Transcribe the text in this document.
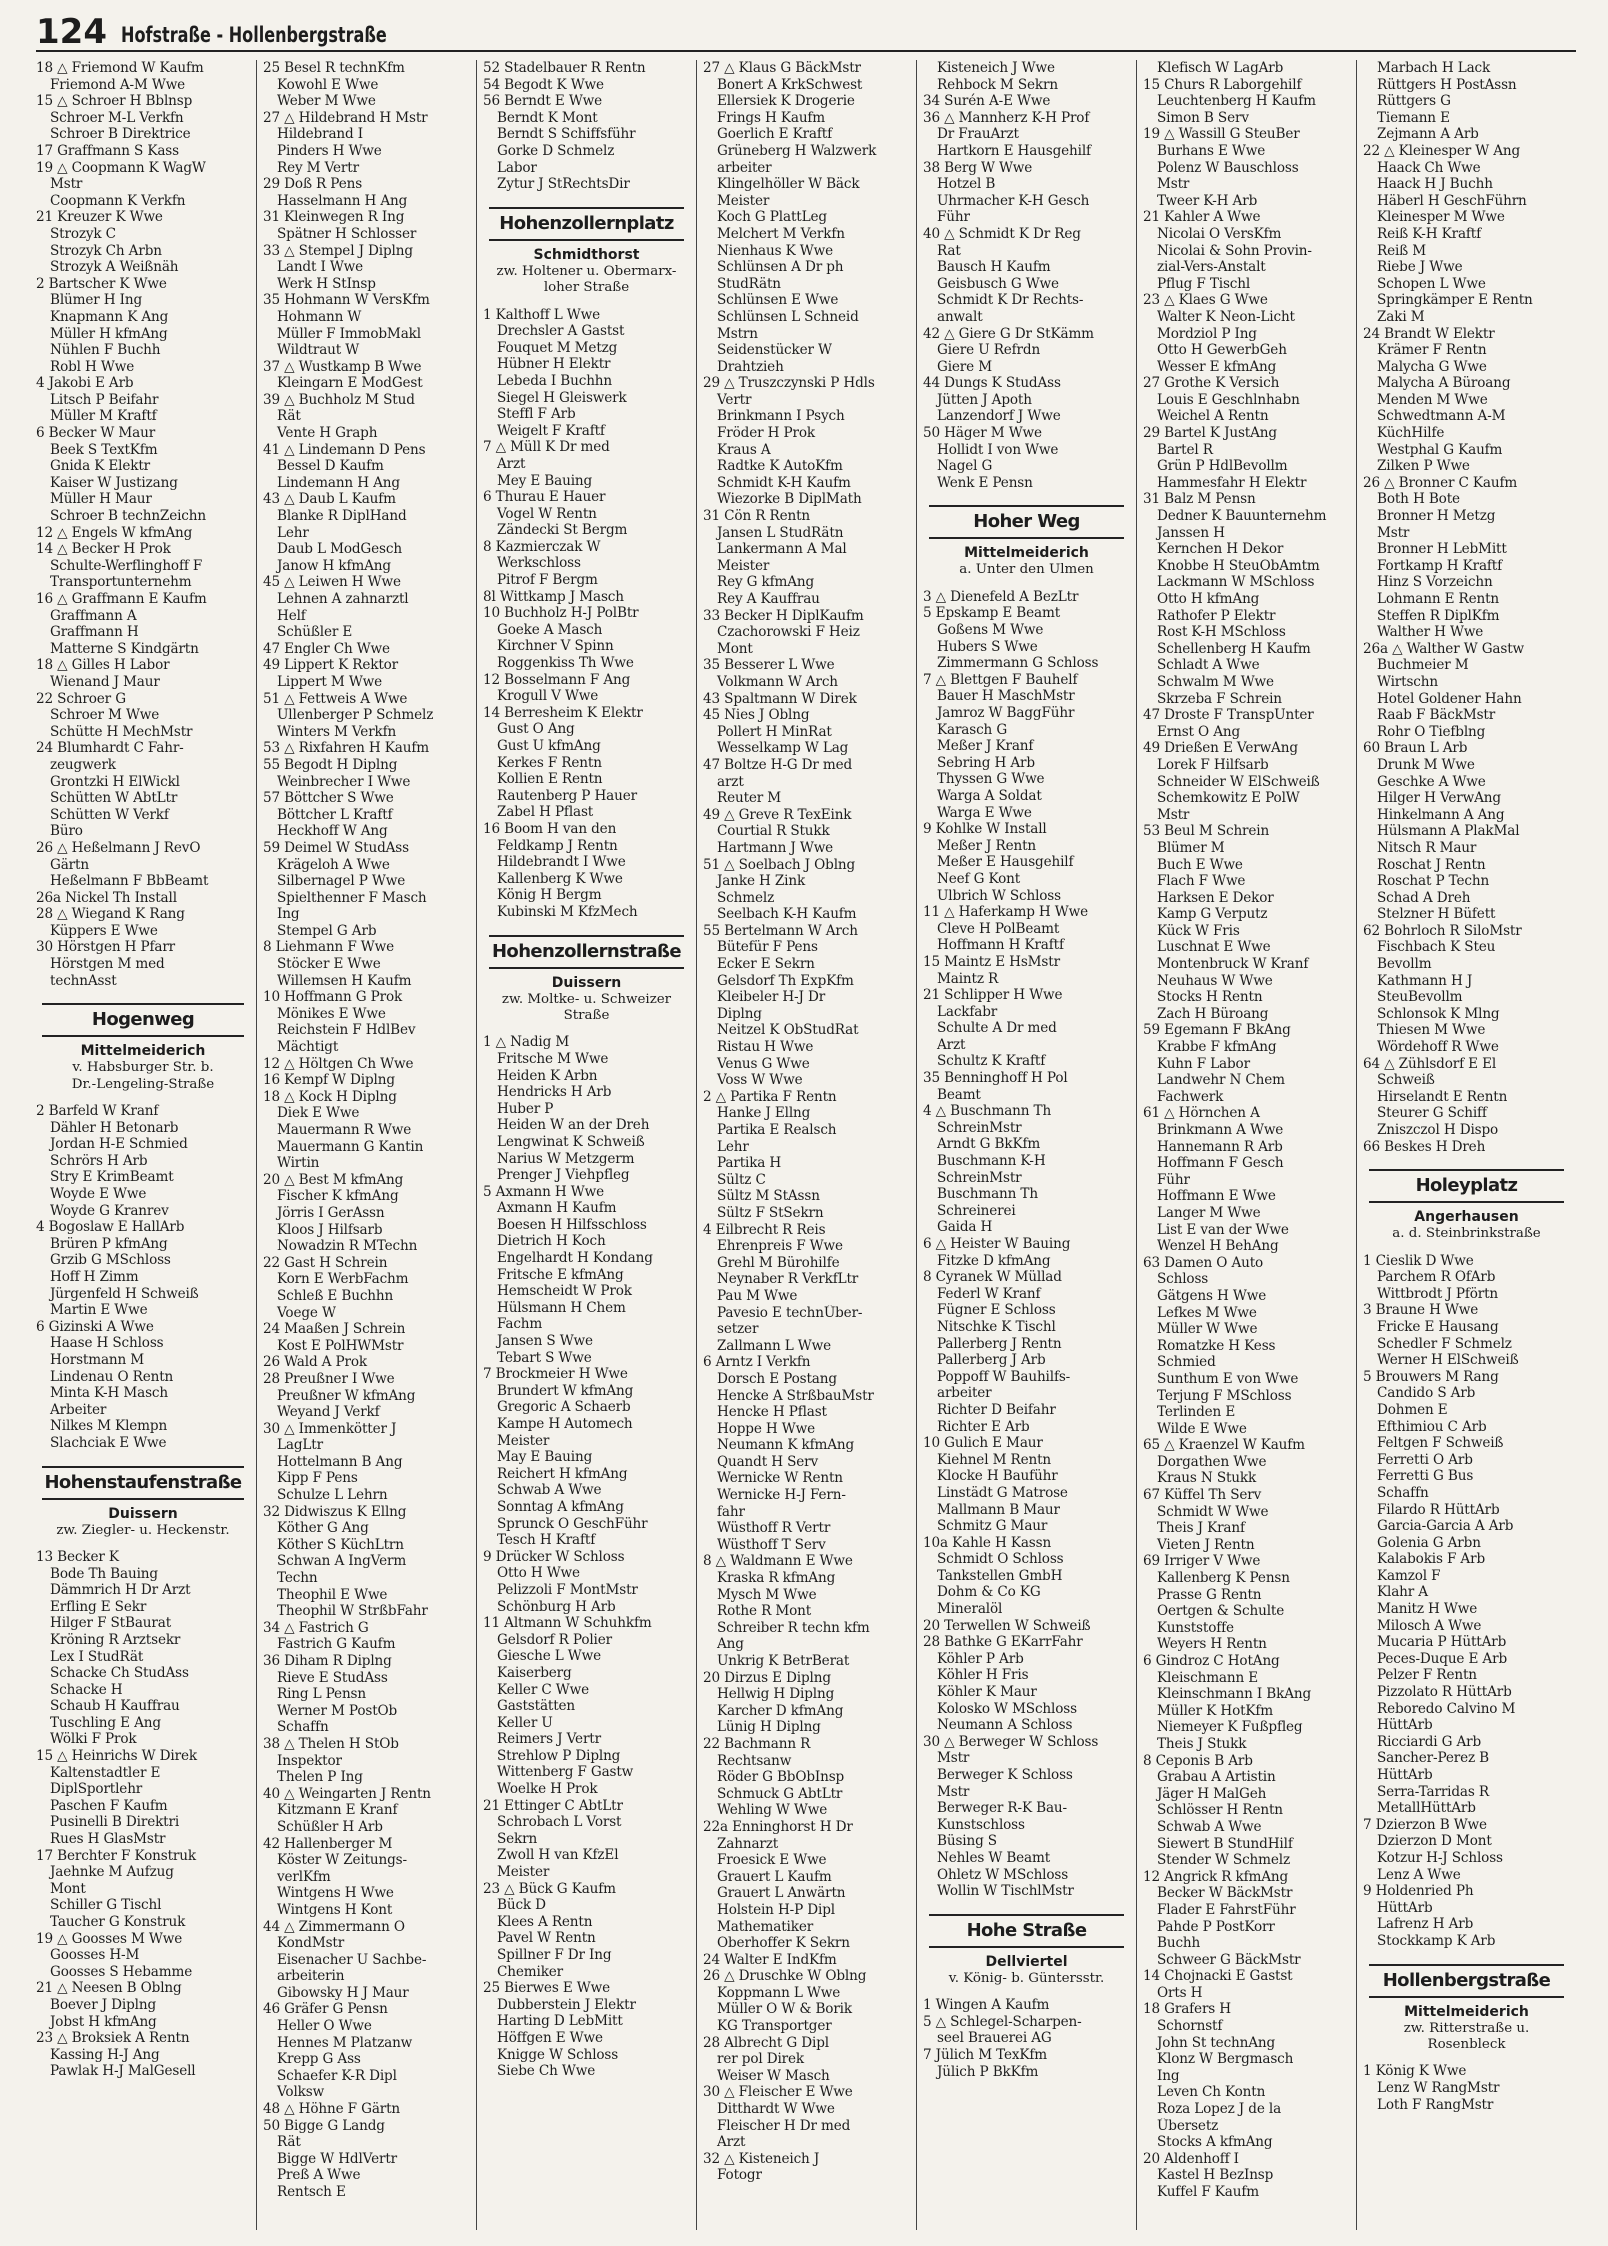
124 Hofstraße - Hollenbergstraße
18 △ Friemond W Kaufm
Friemond A-M Wwe
15 △ Schroer H Bblnsp
Schroer M-L Verkfn
Schroer B Direktrice
17 Graffmann S Kass
19 △ Coopmann K WagW
Mstr
Coopmann K Verkfn
21 Kreuzer K Wwe
Strozyk C
Strozyk Ch Arbn
Strozyk A Weißnäh
2 Bartscher K Wwe
Blümer H Ing
Knapmann K Ang
Müller H kfmAng
Nühlen F Buchh
Robl H Wwe
4 Jakobi E Arb
Litsch P Beifahr
Müller M Kraftf
6 Becker W Maur
Beek S TextKfm
Gnida K Elektr
Kaiser W Justizang
Müller H Maur
Schroer B technZeichn
12 △ Engels W kfmAng
14 △ Becker H Prok
Schulte-Werflinghoff F
Transportunternehm
16 △ Graffmann E Kaufm
Graffmann A
Graffmann H
Matterne S Kindgärtn
18 △ Gilles H Labor
Wienand J Maur
22 Schroer G
Schroer M Wwe
Schütte H MechMstr
24 Blumhardt C Fahr-
zeugwerk
Grontzki H ElWickl
Schütten W AbtLtr
Schütten W Verkf
Büro
26 △ Heßelmann J RevO
Gärtn
Heßelmann F BbBeamt
26a Nickel Th Install
28 △ Wiegand K Rang
Küppers E Wwe
30 Hörstgen H Pfarr
Hörstgen M med
technAsst
Hogenweg
Mittelmeiderich
v. Habsburger Str. b.
Dr.-Lengeling-Straße
2 Barfeld W Kranf
Dähler H Betonarb
Jordan H-E Schmied
Schrörs H Arb
Stry E KrimBeamt
Woyde E Wwe
Woyde G Kranrev
4 Bogoslaw E HallArb
Brüren P kfmAng
Grzib G MSchloss
Hoff H Zimm
Jürgenfeld H Schweiß
Martin E Wwe
6 Gizinski A Wwe
Haase H Schloss
Horstmann M
Lindenau O Rentn
Minta K-H Masch
Arbeiter
Nilkes M Klempn
Slachciak E Wwe
Hohenstaufenstraße
Duissern
zw. Ziegler- u. Heckenstr.
13 Becker K
Bode Th Bauing
Dämmrich H Dr Arzt
Erfling E Sekr
Hilger F StBaurat
Kröning R Arztsekr
Lex I StudRät
Schacke Ch StudAss
Schacke H
Schaub H Kauffrau
Tuschling E Ang
Wölki F Prok
15 △ Heinrichs W Direk
Kaltenstadtler E
DiplSportlehr
Paschen F Kaufm
Pusinelli B Direktri
Rues H GlasMstr
17 Berchter F Konstruk
Jaehnke M Aufzug
Mont
Schiller G Tischl
Taucher G Konstruk
19 △ Goosses M Wwe
Goosses H-M
Goosses S Hebamme
21 △ Neesen B Oblng
Boever J Diplng
Jobst H kfmAng
23 △ Broksiek A Rentn
Kassing H-J Ang
Pawlak H-J MalGesell
25 Besel R technKfm
Kowohl E Wwe
Weber M Wwe
27 △ Hildebrand H Mstr
Hildebrand I
Pinders H Wwe
Rey M Vertr
29 Doß R Pens
Hasselmann H Ang
31 Kleinwegen R Ing
Spätner H Schlosser
33 △ Stempel J Diplng
Landt I Wwe
Werk H StInsp
35 Hohmann W VersKfm
Hohmann W
Müller F ImmobMakl
Wildtraut W
37 △ Wustkamp B Wwe
Kleingarn E ModGest
39 △ Buchholz M Stud
Rät
Vente H Graph
41 △ Lindemann D Pens
Bessel D Kaufm
Lindemann H Ang
43 △ Daub L Kaufm
Blanke R DiplHand
Lehr
Daub L ModGesch
Janow H kfmAng
45 △ Leiwen H Wwe
Lehnen A zahnarztl
Helf
Schüßler E
47 Engler Ch Wwe
49 Lippert K Rektor
Lippert M Wwe
51 △ Fettweis A Wwe
Ullenberger P Schmelz
Winters M Verkfn
53 △ Rixfahren H Kaufm
55 Begodt H Diplng
Weinbrecher I Wwe
57 Böttcher S Wwe
Böttcher L Kraftf
Heckhoff W Ang
59 Deimel W StudAss
Krägeloh A Wwe
Silbernagel P Wwe
Spielthenner F Masch
Ing
Stempel G Arb
8 Liehmann F Wwe
Stöcker E Wwe
Willemsen H Kaufm
10 Hoffmann G Prok
Mönikes E Wwe
Reichstein F HdlBev
Mächtigt
12 △ Höltgen Ch Wwe
16 Kempf W Diplng
18 △ Kock H Diplng
Diek E Wwe
Mauermann R Wwe
Mauermann G Kantin
Wirtin
20 △ Best M kfmAng
Fischer K kfmAng
Jörris I GerAssn
Kloos J Hilfsarb
Nowadzin R MTechn
22 Gast H Schrein
Korn E WerbFachm
Schleß E Buchhn
Voege W
24 Maaßen J Schrein
Kost E PolHWMstr
26 Wald A Prok
28 Preußner I Wwe
Preußner W kfmAng
Weyand J Verkf
30 △ Immenkötter J
LagLtr
Hottelmann B Ang
Kipp F Pens
Schulze L Lehrn
32 Didwiszus K Ellng
Köther G Ang
Köther S KüchLtrn
Schwan A IngVerm
Techn
Theophil E Wwe
Theophil W StrßbFahr
34 △ Fastrich G
Fastrich G Kaufm
36 Diham R Diplng
Rieve E StudAss
Ring L Pensn
Werner M PostOb
Schaffn
38 △ Thelen H StOb
Inspektor
Thelen P Ing
40 △ Weingarten J Rentn
Kitzmann E Kranf
Schüßler H Arb
42 Hallenberger M
Köster W Zeitungs-
verlKfm
Wintgens H Wwe
Wintgens H Kont
44 △ Zimmermann O
KondMstr
Eisenacher U Sachbe-
arbeiterin
Gibowsky H J Maur
46 Gräfer G Pensn
Heller O Wwe
Hennes M Platzanw
Krepp G Ass
Schaefer K-R Dipl
Volksw
48 △ Höhne F Gärtn
50 Bigge G Landg
Rät
Bigge W HdlVertr
Preß A Wwe
Rentsch E
52 Stadelbauer R Rentn
54 Begodt K Wwe
56 Berndt E Wwe
Berndt K Mont
Berndt S Schiffsführ
Gorke D Schmelz
Labor
Zytur J StRechtsDir
Hohenzollernplatz
Schmidthorst
zw. Holtener u. Obermarx-
loher Straße
1 Kalthoff L Wwe
Drechsler A Gastst
Fouquet M Metzg
Hübner H Elektr
Lebeda I Buchhn
Siegel H Gleiswerk
Steffl F Arb
Weigelt F Kraftf
7 △ Müll K Dr med
Arzt
Mey E Bauing
6 Thurau E Hauer
Vogel W Rentn
Zändecki St Bergm
8 Kazmierczak W
Werkschloss
Pitrof F Bergm
8l Wittkamp J Masch
10 Buchholz H-J PolBtr
Goeke A Masch
Kirchner V Spinn
Roggenkiss Th Wwe
12 Bosselmann F Ang
Krogull V Wwe
14 Berresheim K Elektr
Gust O Ang
Gust U kfmAng
Kerkes F Rentn
Kollien E Rentn
Rautenberg P Hauer
Zabel H Pflast
16 Boom H van den
Feldkamp J Rentn
Hildebrandt I Wwe
Kallenberg K Wwe
König H Bergm
Kubinski M KfzMech
Hohenzollernstraße
Duissern
zw. Moltke- u. Schweizer
Straße
1 △ Nadig M
Fritsche M Wwe
Heiden K Arbn
Hendricks H Arb
Huber P
Heiden W an der Dreh
Lengwinat K Schweiß
Narius W Metzgerm
Prenger J Viehpfleg
5 Axmann H Wwe
Axmann H Kaufm
Boesen H Hilfsschloss
Dietrich H Koch
Engelhardt H Kondang
Fritsche E kfmAng
Hemscheidt W Prok
Hülsmann H Chem
Fachm
Jansen S Wwe
Tebart S Wwe
7 Brockmeier H Wwe
Brundert W kfmAng
Gregoric A Schaerb
Kampe H Automech
Meister
May E Bauing
Reichert H kfmAng
Schwab A Wwe
Sonntag A kfmAng
Sprunck O GeschFühr
Tesch H Kraftf
9 Drücker W Schloss
Otto H Wwe
Pelizzoli F MontMstr
Schönburg H Arb
11 Altmann W Schuhkfm
Gelsdorf R Polier
Giesche L Wwe
Kaiserberg
Keller C Wwe
Gaststätten
Keller U
Reimers J Vertr
Strehlow P Diplng
Wittenberg F Gastw
Woelke H Prok
21 Ettinger C AbtLtr
Schrobach L Vorst
Sekrn
Zwoll H van KfzEl
Meister
23 △ Bück G Kaufm
Bück D
Klees A Rentn
Pavel W Rentn
Spillner F Dr Ing
Chemiker
25 Bierwes E Wwe
Dubberstein J Elektr
Harting D LebMitt
Höffgen E Wwe
Knigge W Schloss
Siebe Ch Wwe
27 △ Klaus G BäckMstr
Bonert A KrkSchwest
Ellersiek K Drogerie
Frings H Kaufm
Goerlich E Kraftf
Grüneberg H Walzwerk
arbeiter
Klingelhöller W Bäck
Meister
Koch G PlattLeg
Melchert M Verkfn
Nienhaus K Wwe
Schlünsen A Dr ph
StudRätn
Schlünsen E Wwe
Schlünsen L Schneid
Mstrn
Seidenstücker W
Drahtzieh
29 △ Truszczynski P Hdls
Vertr
Brinkmann I Psych
Fröder H Prok
Kraus A
Radtke K AutoKfm
Schmidt K-H Kaufm
Wiezorke B DiplMath
31 Cön R Rentn
Jansen L StudRätn
Lankermann A Mal
Meister
Rey G kfmAng
Rey A Kauffrau
33 Becker H DiplKaufm
Czachorowski F Heiz
Mont
35 Besserer L Wwe
Volkmann W Arch
43 Spaltmann W Direk
45 Nies J Oblng
Pollert H MinRat
Wesselkamp W Lag
47 Boltze H-G Dr med
arzt
Reuter M
49 △ Greve R TexEink
Courtial R Stukk
Hartmann J Wwe
51 △ Soelbach J Oblng
Janke H Zink
Schmelz
Seelbach K-H Kaufm
55 Bertelmann W Arch
Bütefür F Pens
Ecker E Sekrn
Gelsdorf Th ExpKfm
Kleibeler H-J Dr
Diplng
Neitzel K ObStudRat
Ristau H Wwe
Venus G Wwe
Voss W Wwe
2 △ Partika F Rentn
Hanke J Ellng
Partika E Realsch
Lehr
Partika H
Sültz C
Sültz M StAssn
Sültz F StSekrn
4 Eilbrecht R Reis
Ehrenpreis F Wwe
Grehl M Bürohilfe
Neynaber R VerkfLtr
Pau M Wwe
Pavesio E technÜber-
setzer
Zallmann L Wwe
6 Arntz I Verkfn
Dorsch E Postang
Hencke A StrßbauMstr
Hencke H Pflast
Hoppe H Wwe
Neumann K kfmAng
Quandt H Serv
Wernicke W Rentn
Wernicke H-J Fern-
fahr
Wüsthoff R Vertr
Wüsthoff T Serv
8 △ Waldmann E Wwe
Kraska R kfmAng
Mysch M Wwe
Rothe R Mont
Schreiber R techn kfm
Ang
Unkrig K BetrBerat
20 Dirzus E Diplng
Hellwig H Diplng
Karcher D kfmAng
Lünig H Diplng
22 Bachmann R
Rechtsanw
Röder G BbObInsp
Schmuck G AbtLtr
Wehling W Wwe
22a Enninghorst H Dr
Zahnarzt
Froesick E Wwe
Grauert L Kaufm
Grauert L Anwärtn
Holstein H-P Dipl
Mathematiker
Oberhoffer K Sekrn
24 Walter E IndKfm
26 △ Druschke W Oblng
Koppmann L Wwe
Müller O W & Borik
KG Transportger
28 Albrecht G Dipl
rer pol Direk
Weiser W Masch
30 △ Fleischer E Wwe
Ditthardt W Wwe
Fleischer H Dr med
Arzt
32 △ Kisteneich J
Fotogr
Kisteneich J Wwe
Rehbock M Sekrn
34 Surén A-E Wwe
36 △ Mannherz K-H Prof
Dr FrauArzt
Hartkorn E Hausgehilf
38 Berg W Wwe
Hotzel B
Uhrmacher K-H Gesch
Führ
40 △ Schmidt K Dr Reg
Rat
Bausch H Kaufm
Geisbusch G Wwe
Schmidt K Dr Rechts-
anwalt
42 △ Giere G Dr StKämm
Giere U Refrdn
Giere M
44 Dungs K StudAss
Jütten J Apoth
Lanzendorf J Wwe
50 Häger M Wwe
Hollidt I von Wwe
Nagel G
Wenk E Pensn
Hoher Weg
Mittelmeiderich
a. Unter den Ulmen
3 △ Dienefeld A BezLtr
5 Epskamp E Beamt
Goßens M Wwe
Hubers S Wwe
Zimmermann G Schloss
7 △ Blettgen F Bauhelf
Bauer H MaschMstr
Jamroz W BaggFühr
Karasch G
Meßer J Kranf
Sebring H Arb
Thyssen G Wwe
Warga A Soldat
Warga E Wwe
9 Kohlke W Install
Meßer J Rentn
Meßer E Hausgehilf
Neef G Kont
Ulbrich W Schloss
11 △ Haferkamp H Wwe
Cleve H PolBeamt
Hoffmann H Kraftf
15 Maintz E HsMstr
Maintz R
21 Schlipper H Wwe
Lackfabr
Schulte A Dr med
Arzt
Schultz K Kraftf
35 Benninghoff H Pol
Beamt
4 △ Buschmann Th
SchreinMstr
Arndt G BkKfm
Buschmann K-H
SchreinMstr
Buschmann Th
Schreinerei
Gaida H
6 △ Heister W Bauing
Fitzke D kfmAng
8 Cyranek W Müllad
Federl W Kranf
Fügner E Schloss
Nitschke K Tischl
Pallerberg J Rentn
Pallerberg J Arb
Poppoff W Bauhilfs-
arbeiter
Richter D Beifahr
Richter E Arb
10 Gulich E Maur
Kiehnel M Rentn
Klocke H Bauführ
Linstädt G Matrose
Mallmann B Maur
Schmitz G Maur
10a Kahle H Kassn
Schmidt O Schloss
Tankstellen GmbH
Dohm & Co KG
Mineralöl
20 Terwellen W Schweiß
28 Bathke G EKarrFahr
Köhler P Arb
Köhler H Fris
Köhler K Maur
Kolosko W MSchloss
Neumann A Schloss
30 △ Berweger W Schloss
Mstr
Berweger K Schloss
Mstr
Berweger R-K Bau-
Kunstschloss
Büsing S
Nehles W Beamt
Ohletz W MSchloss
Wollin W TischlMstr
Hohe Straße
Dellviertel
v. König- b. Güntersstr.
1 Wingen A Kaufm
5 △ Schlegel-Scharpen-
seel Brauerei AG
7 Jülich M TexKfm
Jülich P BkKfm
Klefisch W LagArb
15 Churs R Laborgehilf
Leuchtenberg H Kaufm
Simon B Serv
19 △ Wassill G SteuBer
Burhans E Wwe
Polenz W Bauschloss
Mstr
Tweer K-H Arb
21 Kahler A Wwe
Nicolai O VersKfm
Nicolai & Sohn Provin-
zial-Vers-Anstalt
Pflug F Tischl
23 △ Klaes G Wwe
Walter K Neon-Licht
Mordziol P Ing
Otto H GewerbGeh
Wesser E kfmAng
27 Grothe K Versich
Louis E Geschlnhabn
Weichel A Rentn
29 Bartel K JustAng
Bartel R
Grün P HdlBevollm
Hammesfahr H Elektr
31 Balz M Pensn
Dedner K Bauunternehm
Janssen H
Kernchen H Dekor
Knobbe H SteuObAmtm
Lackmann W MSchloss
Otto H kfmAng
Rathofer P Elektr
Rost K-H MSchloss
Schellenberg H Kaufm
Schladt A Wwe
Schwalm M Wwe
Skrzeba F Schrein
47 Droste F TranspUnter
Ernst O Ang
49 Drießen E VerwAng
Lorek F Hilfsarb
Schneider W ElSchweiß
Schemkowitz E PolW
Mstr
53 Beul M Schrein
Blümer M
Buch E Wwe
Flach F Wwe
Harksen E Dekor
Kamp G Verputz
Kück W Fris
Luschnat E Wwe
Montenbruck W Kranf
Neuhaus W Wwe
Stocks H Rentn
Zach H Büroang
59 Egemann F BkAng
Krabbe F kfmAng
Kuhn F Labor
Landwehr N Chem
Fachwerk
61 △ Hörnchen A
Brinkmann A Wwe
Hannemann R Arb
Hoffmann F Gesch
Führ
Hoffmann E Wwe
Langer M Wwe
List E van der Wwe
Wenzel H BehAng
63 Damen O Auto
Schloss
Gätgens H Wwe
Lefkes M Wwe
Müller W Wwe
Romatzke H Kess
Schmied
Sunthum E von Wwe
Terjung F MSchloss
Terlinden E
Wilde E Wwe
65 △ Kraenzel W Kaufm
Dorgathen Wwe
Kraus N Stukk
67 Küffel Th Serv
Schmidt W Wwe
Theis J Kranf
Vieten J Rentn
69 Irriger V Wwe
Kallenberg K Pensn
Prasse G Rentn
Oertgen & Schulte
Kunststoffe
Weyers H Rentn
6 Gindroz C HotAng
Kleischmann E
Kleinschmann I BkAng
Müller K HotKfm
Niemeyer K Fußpfleg
Theis J Stukk
8 Ceponis B Arb
Grabau A Artistin
Jäger H MalGeh
Schlösser H Rentn
Schwab A Wwe
Siewert B StundHilf
Stender W Schmelz
12 Angrick R kfmAng
Becker W BäckMstr
Flader E FahrstFühr
Pahde P PostKorr
Buchh
Schweer G BäckMstr
14 Chojnacki E Gastst
Orts H
18 Grafers H
Schornstf
John St technAng
Klonz W Bergmasch
Ing
Leven Ch Kontn
Roza Lopez J de la
Übersetz
Stocks A kfmAng
20 Aldenhoff I
Kastel H BezInsp
Kuffel F Kaufm
Marbach H Lack
Rüttgers H PostAssn
Rüttgers G
Tiemann E
Zejmann A Arb
22 △ Kleinesper W Ang
Haack Ch Wwe
Haack H J Buchh
Häberl H GeschFührn
Kleinesper M Wwe
Reiß K-H Kraftf
Reiß M
Riebe J Wwe
Schopen L Wwe
Springkämper E Rentn
Zaki M
24 Brandt W Elektr
Krämer F Rentn
Malycha G Wwe
Malycha A Büroang
Menden M Wwe
Schwedtmann A-M
KüchHilfe
Westphal G Kaufm
Zilken P Wwe
26 △ Bronner C Kaufm
Both H Bote
Bronner H Metzg
Mstr
Bronner H LebMitt
Fortkamp H Kraftf
Hinz S Vorzeichn
Lohmann E Rentn
Steffen R DiplKfm
Walther H Wwe
26a △ Walther W Gastw
Buchmeier M
Wirtschn
Hotel Goldener Hahn
Raab F BäckMstr
Rohr O Tiefblng
60 Braun L Arb
Drunk M Wwe
Geschke A Wwe
Hilger H VerwAng
Hinkelmann A Ang
Hülsmann A PlakMal
Nitsch R Maur
Roschat J Rentn
Roschat P Techn
Schad A Dreh
Stelzner H Büfett
62 Bohrloch R SiloMstr
Fischbach K Steu
Bevollm
Kathmann H J
SteuBevollm
Schlonsok K Mlng
Thiesen M Wwe
Wördehoff R Wwe
64 △ Zühlsdorf E El
Schweiß
Hirselandt E Rentn
Steurer G Schiff
Zniszczol H Dispo
66 Beskes H Dreh
Holeyplatz
Angerhausen
a. d. Steinbrinkstraße
1 Cieslik D Wwe
Parchem R OfArb
Wittbrodt J Pförtn
3 Braune H Wwe
Fricke E Hausang
Schedler F Schmelz
Werner H ElSchweiß
5 Brouwers M Rang
Candido S Arb
Dohmen E
Efthimiou C Arb
Feltgen F Schweiß
Ferretti O Arb
Ferretti G Bus
Schaffn
Filardo R HüttArb
Garcia-Garcia A Arb
Golenia G Arbn
Kalabokis F Arb
Kamzol F
Klahr A
Manitz H Wwe
Milosch A Wwe
Mucaria P HüttArb
Peces-Duque E Arb
Pelzer F Rentn
Pizzolato R HüttArb
Reboredo Calvino M
HüttArb
Ricciardi G Arb
Sancher-Perez B
HüttArb
Serra-Tarridas R
MetallHüttArb
7 Dzierzon B Wwe
Dzierzon D Mont
Kotzur H-J Schloss
Lenz A Wwe
9 Holdenried Ph
HüttArb
Lafrenz H Arb
Stockkamp K Arb
Hollenbergstraße
Mittelmeiderich
zw. Ritterstraße u.
Rosenbleck
1 König K Wwe
Lenz W RangMstr
Loth F RangMstr
